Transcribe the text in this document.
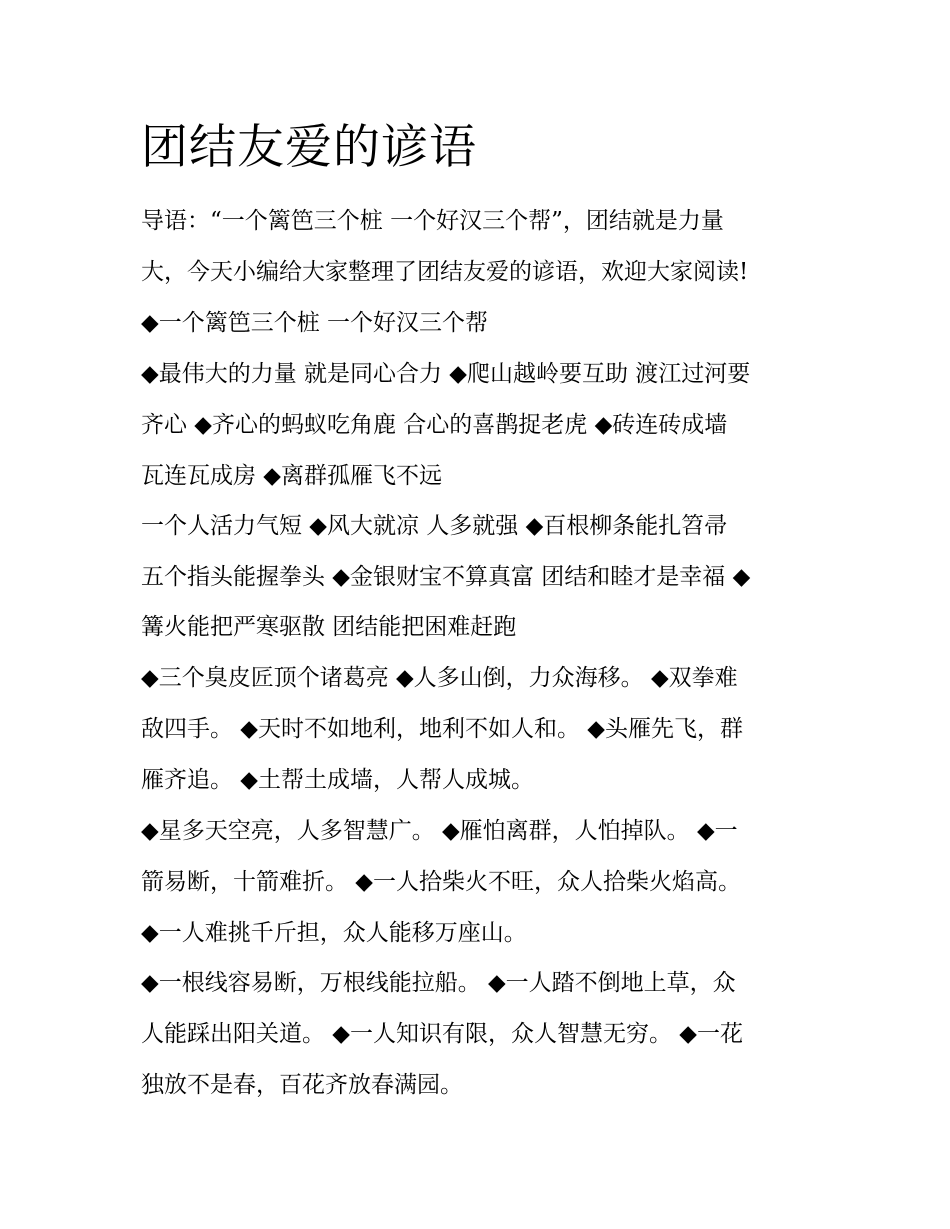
团结友爱的谚语

导语：“一个篱笆三个桩 一个好汉三个帮”，团结就是力量

大，今天小编给大家整理了团结友爱的谚语，欢迎大家阅读!

◆一个篱笆三个桩 一个好汉三个帮

◆最伟大的力量 就是同心合力 ◆爬山越岭要互助 渡江过河要

齐心 ◆齐心的蚂蚁吃角鹿 合心的喜鹊捉老虎 ◆砖连砖成墙

瓦连瓦成房 ◆离群孤雁飞不远

一个人活力气短 ◆风大就凉 人多就强 ◆百根柳条能扎笤帚

五个指头能握拳头 ◆金银财宝不算真富 团结和睦才是幸福 ◆

篝火能把严寒驱散 团结能把困难赶跑

◆三个臭皮匠顶个诸葛亮 ◆人多山倒，力众海移。 ◆双拳难

敌四手。 ◆天时不如地利，地利不如人和。 ◆头雁先飞，群

雁齐追。 ◆土帮土成墙，人帮人成城。

◆星多天空亮，人多智慧广。 ◆雁怕离群，人怕掉队。 ◆一

箭易断，十箭难折。 ◆一人拾柴火不旺，众人拾柴火焰高。

◆一人难挑千斤担，众人能移万座山。

◆一根线容易断，万根线能拉船。 ◆一人踏不倒地上草，众

人能踩出阳关道。 ◆一人知识有限，众人智慧无穷。 ◆一花

独放不是春，百花齐放春满园。
